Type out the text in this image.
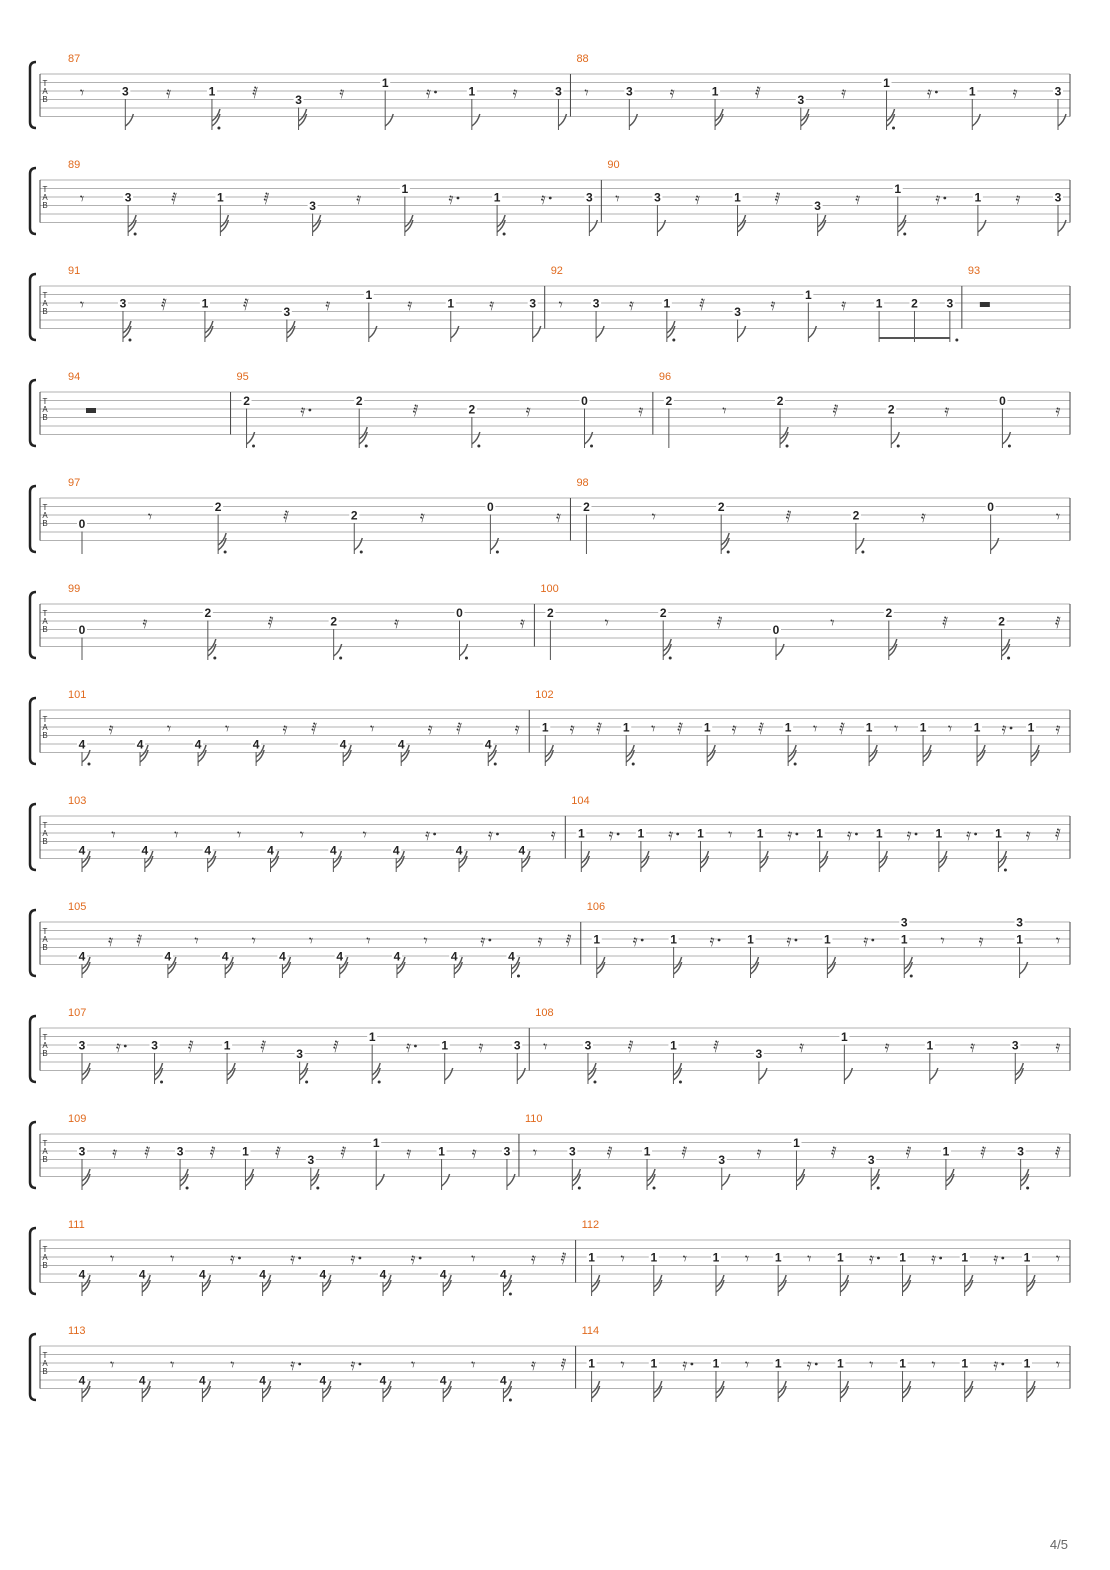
T
A
B
87
𝄾	3 𝄿	1 𝅀	3 𝄿	1 𝄿	1 𝄿	3
88
𝄾	3 𝄿	1 𝅀	3 𝄿	1 𝄿	1 𝄿	3
T
A
B
89
𝄾	3 𝅀	1 𝅀	3	𝄿	1	𝄿	1	𝄿	3
90
𝄾	3 𝄿	1 𝅀	3 𝄿	1 𝄿	1 𝄿	3
T
A
B
91
𝄾	3 𝅀	1 𝅀	3 𝄿	1 𝄿	1 𝄿	3
92
𝄾 3 𝄿 1 𝅀 3 𝄿 1 𝄿 1 2 3
93
T
A
B
94	95
2	𝄿	2	𝅀	2	𝄿	0	𝄿
96
2	𝄾	2	𝅀	2	𝄿	0	𝄿
T
A
B
97
0	𝄾	2	𝅀	2	𝄿	0	𝄿
98
2	𝄾	2	𝅀	2	𝄿	0	𝄾
T
A
B
99
0	𝄿	2	𝅀	2	𝄿	0	𝄿
100
2	𝄾	2	𝅀	0	𝄾	2	𝅀	2	𝅀
T
A
B
101
4
𝄿
4
𝄾
4
𝄾
4
𝄿 𝅀
4
𝄾
4
𝄿 𝅀
4
𝄿
102
1 𝄿 𝅀 1 𝄾 𝅀 1 𝄿 𝅀 1 𝄾 𝅀 1 𝄾 1 𝄾 1 𝄿 1 𝄿
T
A
B
103
4
𝄾
4
𝄾
4
𝄾
4
𝄾
4
𝄾
4
𝄿
4
𝄿
4
𝄿
104
1 𝄿 1 𝄿 1 𝄾 1 𝄿 1 𝄿 1 𝄿 1 𝄿 1 𝄿 𝅀
T
A
B
105
4
𝄿 𝅀
4
𝄾
4
𝄾
4
𝄾
4
𝄾
4
𝄾
4
𝄿
4
𝄿 𝅀
106
1 𝄿	1 𝄿	1 𝄿	1 𝄿	1
3
𝄾 𝄿	1
3
𝄾
T
A
B
107
3 𝄿	3 𝅀 1 𝅀 3 𝅀 1 𝄿	1 𝄿	3
108
𝄾	3 𝅀	1 𝅀	3 𝄿	1 𝄿	1 𝄿	3 𝄿
T
A
B
109
3 𝄿 𝅀 3 𝅀 1 𝅀 3 𝅀 1 𝄿 1 𝄿 3
110
𝄾	3 𝅀	1 𝅀	3 𝄿	1 𝅀	3 𝅀	1 𝅀	3 𝅀
T
A
B
111
4
𝄾
4
𝄾
4
𝄿
4
𝄿
4
𝄿
4
𝄿
4
𝄾
4
𝄿 𝅀
112
1 𝄾 1 𝄾 1 𝄾 1 𝄾 1 𝄿 1 𝄿 1 𝄿 1 𝄾
T
A
B
113
4
𝄾
4
𝄾
4
𝄾
4
𝄿
4
𝄿
4
𝄾
4
𝄾
4
𝄿 𝅀
114
1 𝄾 1 𝄿 1 𝄾 1 𝄿 1 𝄾 1 𝄾 1 𝄿 1 𝄾
4/5
